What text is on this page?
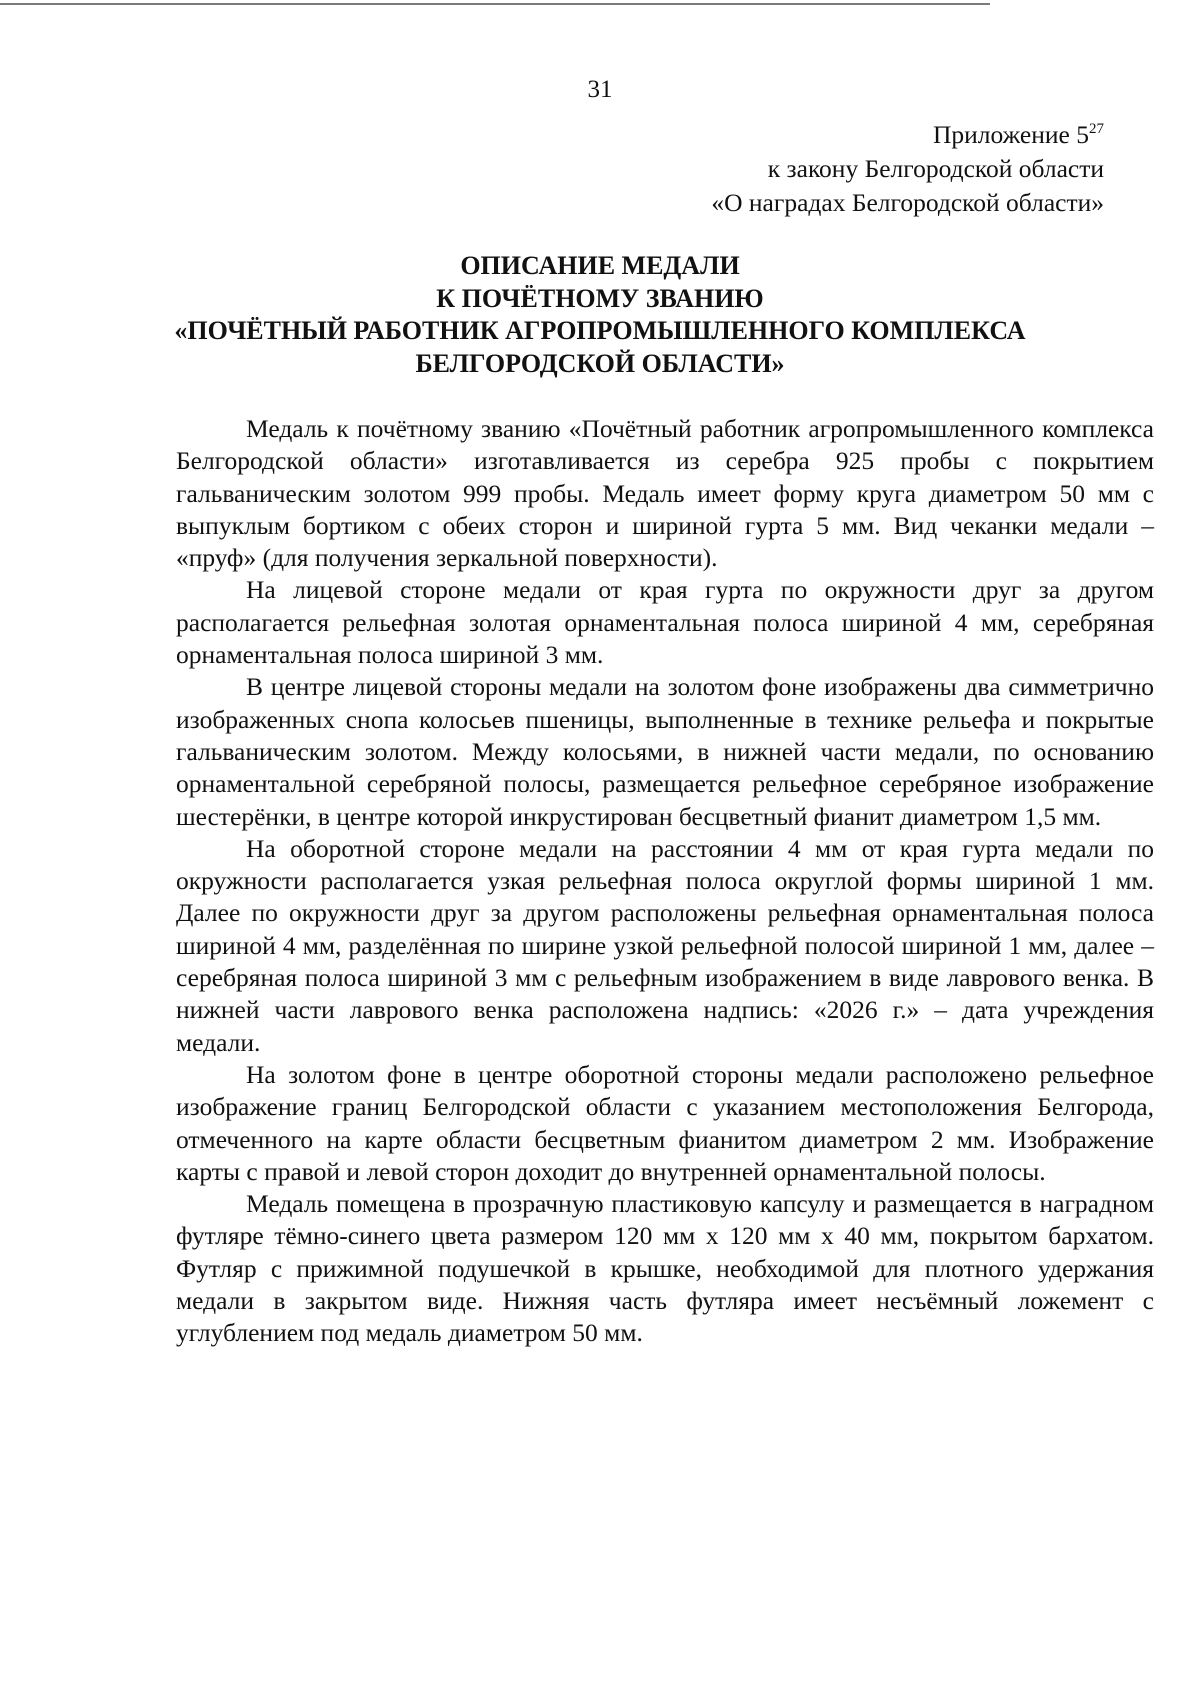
31
Приложение $5^{27}$
к закону Белгородской области
«О наградах Белгородской области»
ОПИСАНИЕ МЕДАЛИ
К ПОЧЁТНОМУ ЗВАНИЮ
«ПОЧЁТНЫЙ РАБОТНИК АГРОПРОМЫШЛЕННОГО КОМПЛЕКСА
БЕЛГОРОДСКОЙ ОБЛАСТИ»

Медаль к почётному званию «Почётный работник агропромышленного комплекса Белгородской области» изготавливается из серебра 925 пробы с покрытием гальваническим золотом 999 пробы. Медаль имеет форму круга диаметром 50 мм с выпуклым бортиком с обеих сторон и шириной гурта 5 мм. Вид чеканки медали – «пруф» (для получения зеркальной поверхности).

На лицевой стороне медали от края гурта по окружности друг за другом располагается рельефная золотая орнаментальная полоса шириной 4 мм, серебряная орнаментальная полоса шириной 3 мм.

В центре лицевой стороны медали на золотом фоне изображены два симметрично изображенных снопа колосьев пшеницы, выполненные в технике рельефа и покрытые гальваническим золотом. Между колосьями, в нижней части медали, по основанию орнаментальной серебряной полосы, размещается рельефное серебряное изображение шестерёнки, в центре которой инкрустирован бесцветный фианит диаметром 1,5 мм.

На оборотной стороне медали на расстоянии 4 мм от края гурта медали по окружности располагается узкая рельефная полоса округлой формы шириной 1 мм. Далее по окружности друг за другом расположены рельефная орнаментальная полоса шириной 4 мм, разделённая по ширине узкой рельефной полосой шириной 1 мм, далее – серебряная полоса шириной 3 мм с рельефным изображением в виде лаврового венка. В нижней части лаврового венка расположена надпись: «2026 г.» – дата учреждения медали.

На золотом фоне в центре оборотной стороны медали расположено рельефное изображение границ Белгородской области с указанием местоположения Белгорода, отмеченного на карте области бесцветным фианитом диаметром 2 мм. Изображение карты с правой и левой сторон доходит до внутренней орнаментальной полосы.

Медаль помещена в прозрачную пластиковую капсулу и размещается в наградном футляре тёмно-синего цвета размером 120 мм х 120 мм х 40 мм, покрытом бархатом. Футляр с прижимной подушечкой в крышке, необходимой для плотного удержания медали в закрытом виде. Нижняя часть футляра имеет несъёмный ложемент с углублением под медаль диаметром 50 мм.
